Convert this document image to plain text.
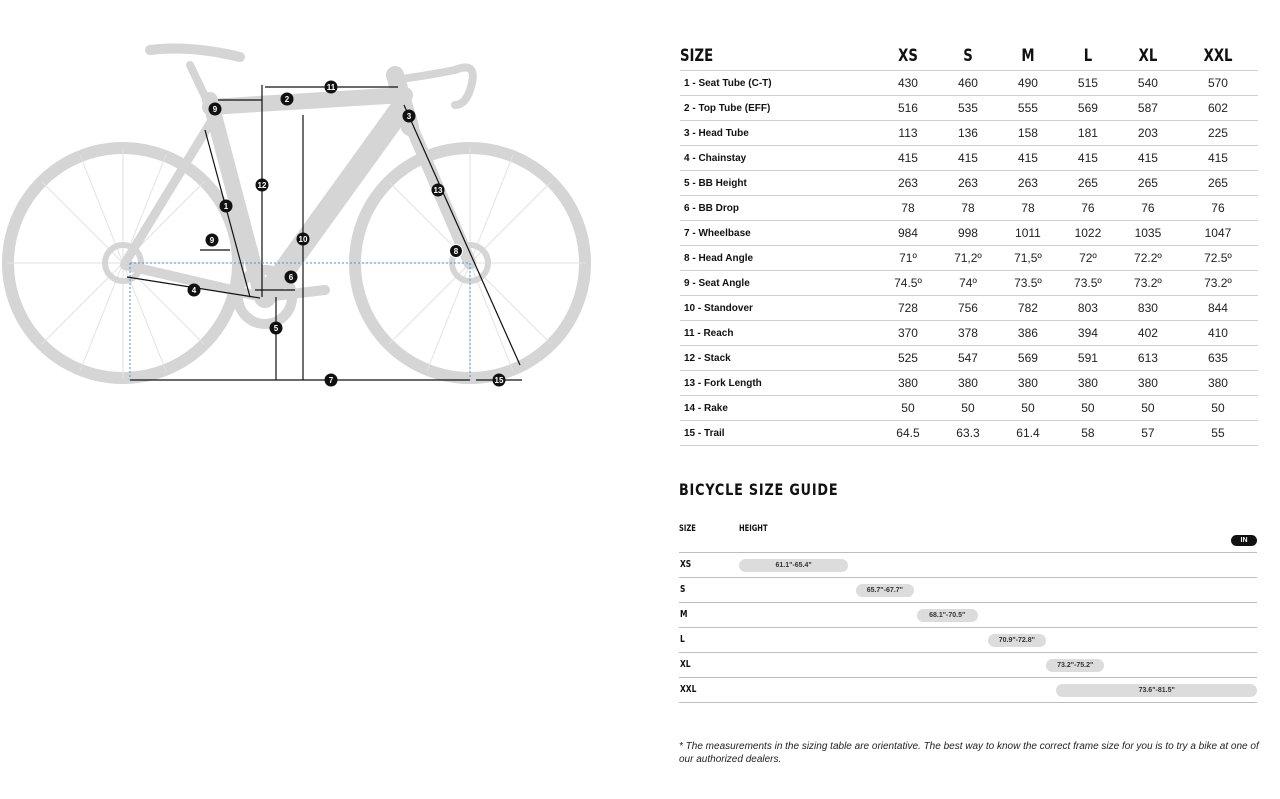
1
2
3
4
5
6
7
8
9
9	10
11
12
13
15
SIZE	XS	S	M	L	XL	XXL
1 - Seat Tube (C-T)	430	460	490	515	540	570
2 - Top Tube (EFF)	516	535	555	569	587	602
3 - Head Tube	113	136	158	181	203	225
4 - Chainstay	415	415	415	415	415	415
5 - BB Height	263	263	263	265	265	265
6 - BB Drop	78	78	78	76	76	76
7 - Wheelbase	984	998	1011	1022	1035	1047
8 - Head Angle	71º	71,2º	71,5º	72º	72.2º	72.5º
9 - Seat Angle	74.5º	74º	73.5º	73.5º	73.2º	73.2º
10 - Standover	728	756	782	803	830	844
11 - Reach	370	378	386	394	402	410
12 - Stack	525	547	569	591	613	635
13 - Fork Length	380	380	380	380	380	380
14 - Rake	50	50	50	50	50	50
15 - Trail	64.5	63.3	61.4	58	57	55
BICYCLE SIZE GUIDE
SIZE	HEIGHT
IN
XS	61.1"-65.4"
S	65.7"-67.7"
M	68.1"-70.5"
L	70.9"-72.8"
XL	73.2"-75.2"
XXL	73.6"-81.5"
* The measurements in the sizing table are orientative. The best way to know the correct frame size for you is to try a bike at one of our authorized dealers.
